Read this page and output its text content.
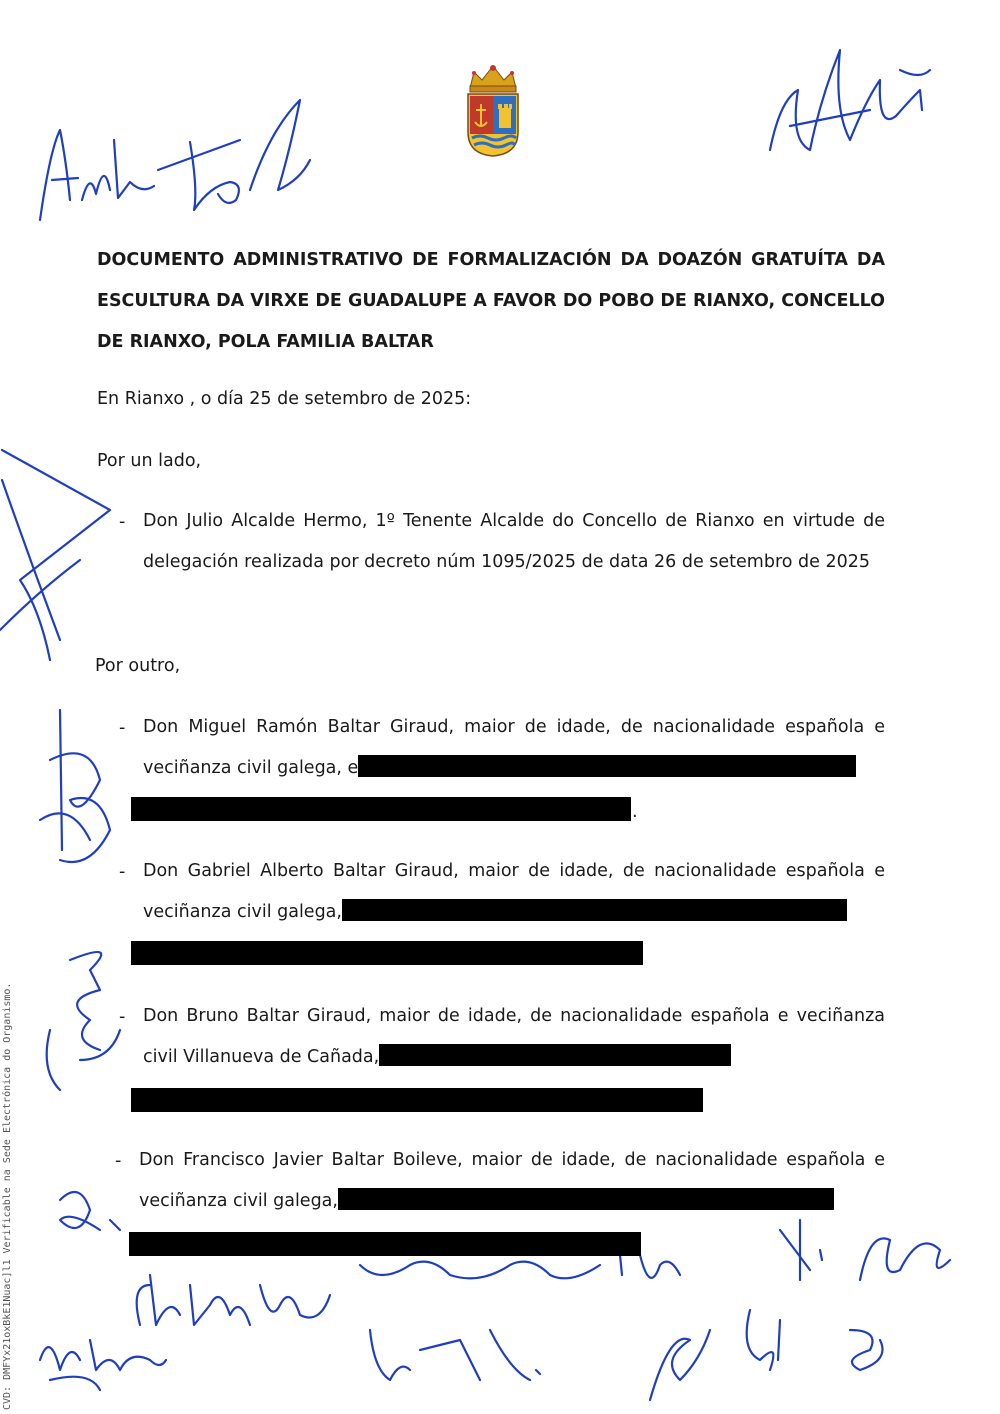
CVD: DMFYx21oxBkE1Nuac]l1 Verificable na Sede Electrónica do Organismo.
DOCUMENTO ADMINISTRATIVO DE FORMALIZACIÓN DA DOAZÓN GRATUÍTA DA ESCULTURA DA VIRXE DE GUADALUPE A FAVOR DO POBO DE RIANXO, CONCELLO DE RIANXO, POLA FAMILIA BALTAR
En Rianxo , o día 25 de setembro de 2025:
Por un lado,
- Don Julio Alcalde Hermo, 1º Tenente Alcalde do Concello de Rianxo en virtude de delegación realizada por decreto núm 1095/2025 de data 26 de setembro de 2025
Por outro,
- Don Miguel Ramón Baltar Giraud, maior de idade, de nacionalidade española e veciñanza civil galega, e
.
- Don Gabriel Alberto Baltar Giraud, maior de idade, de nacionalidade española e veciñanza civil galega,
- Don Bruno Baltar Giraud, maior de idade, de nacionalidade española e veciñanza civil Villanueva de Cañada,
- Don Francisco Javier Baltar Boileve, maior de idade, de nacionalidade española e veciñanza civil galega,
